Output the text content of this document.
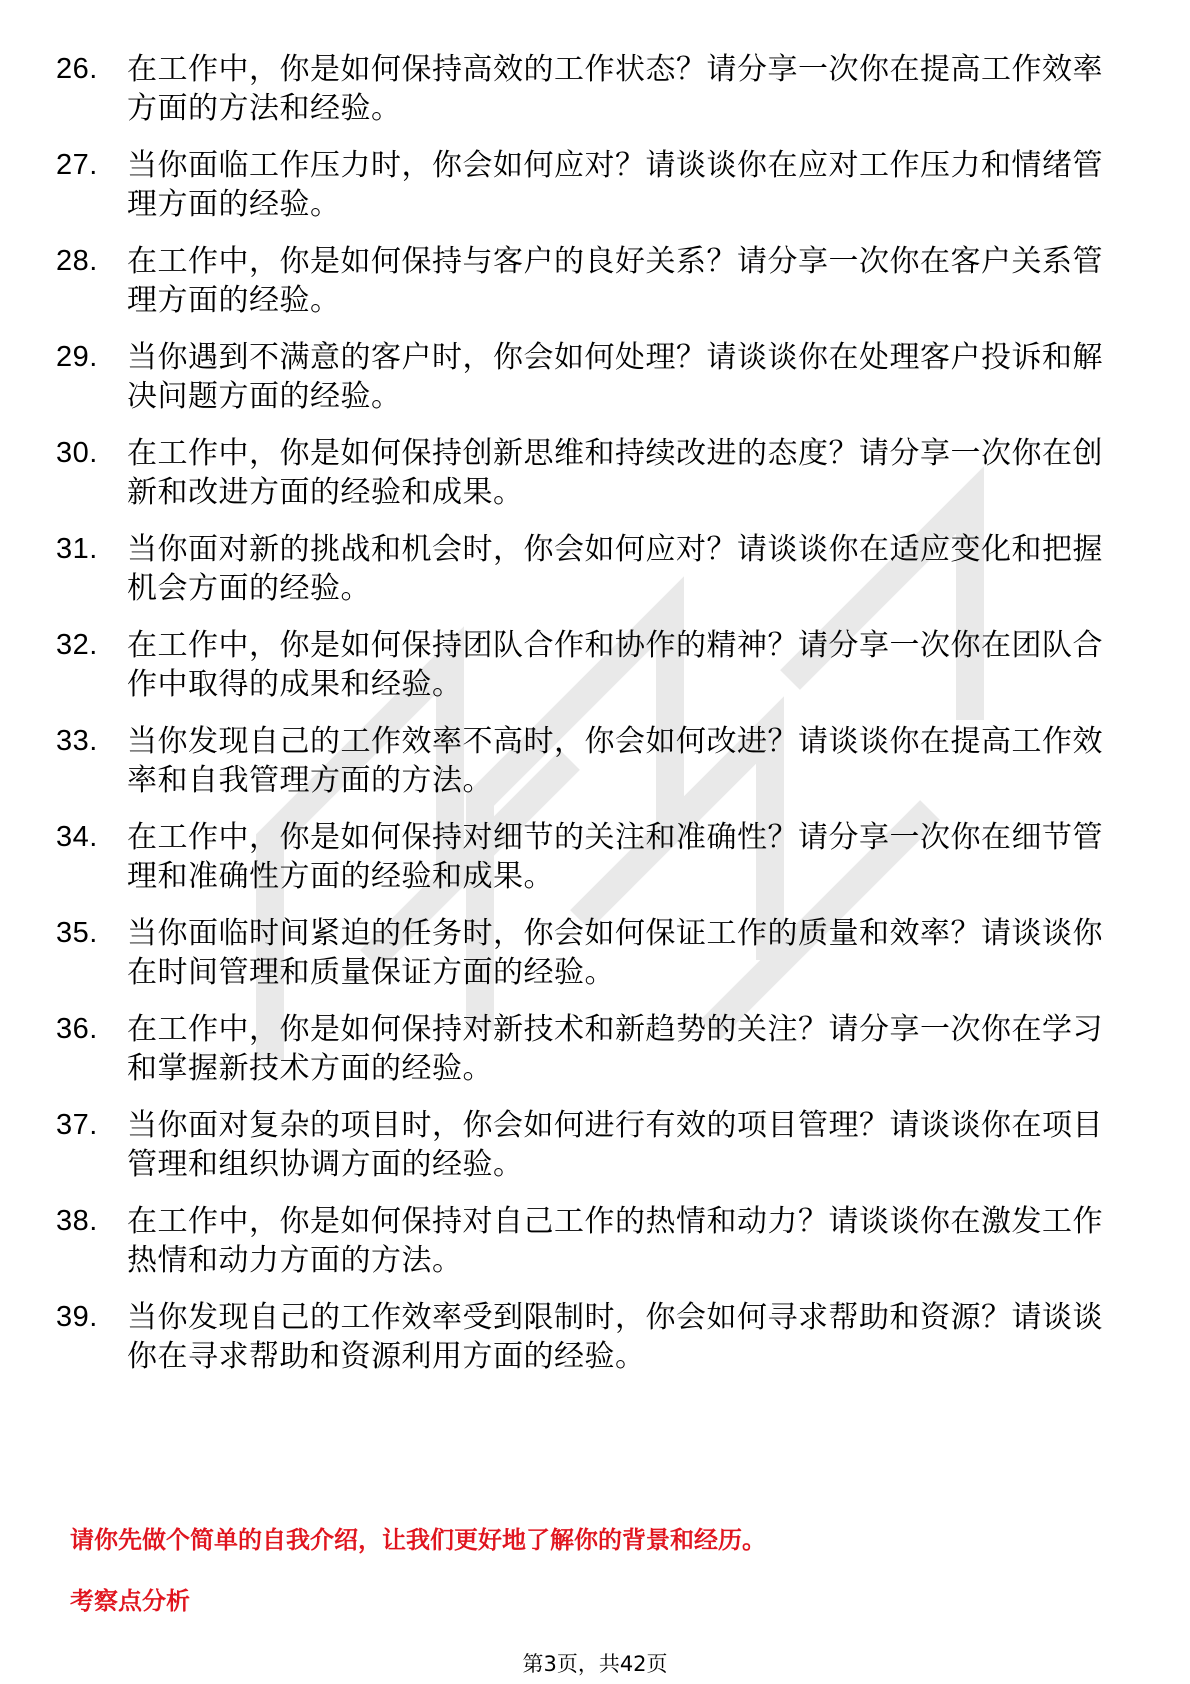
26. 在工作中，你是如何保持高效的工作状态？请分享一次你在提高工作效率方面的方法和经验。
27. 当你面临工作压力时，你会如何应对？请谈谈你在应对工作压力和情绪管理方面的经验。
28. 在工作中，你是如何保持与客户的良好关系？请分享一次你在客户关系管理方面的经验。
29. 当你遇到不满意的客户时，你会如何处理？请谈谈你在处理客户投诉和解决问题方面的经验。
30. 在工作中，你是如何保持创新思维和持续改进的态度？请分享一次你在创新和改进方面的经验和成果。
31. 当你面对新的挑战和机会时，你会如何应对？请谈谈你在适应变化和把握机会方面的经验。
32. 在工作中，你是如何保持团队合作和协作的精神？请分享一次你在团队合作中取得的成果和经验。
33. 当你发现自己的工作效率不高时，你会如何改进？请谈谈你在提高工作效率和自我管理方面的方法。
34. 在工作中，你是如何保持对细节的关注和准确性？请分享一次你在细节管理和准确性方面的经验和成果。
35. 当你面临时间紧迫的任务时，你会如何保证工作的质量和效率？请谈谈你在时间管理和质量保证方面的经验。
36. 在工作中，你是如何保持对新技术和新趋势的关注？请分享一次你在学习和掌握新技术方面的经验。
37. 当你面对复杂的项目时，你会如何进行有效的项目管理？请谈谈你在项目管理和组织协调方面的经验。
38. 在工作中，你是如何保持对自己工作的热情和动力？请谈谈你在激发工作热情和动力方面的方法。
39. 当你发现自己的工作效率受到限制时，你会如何寻求帮助和资源？请谈谈你在寻求帮助和资源利用方面的经验。
请你先做个简单的自我介绍，让我们更好地了解你的背景和经历。
考察点分析
第3页，共42页
